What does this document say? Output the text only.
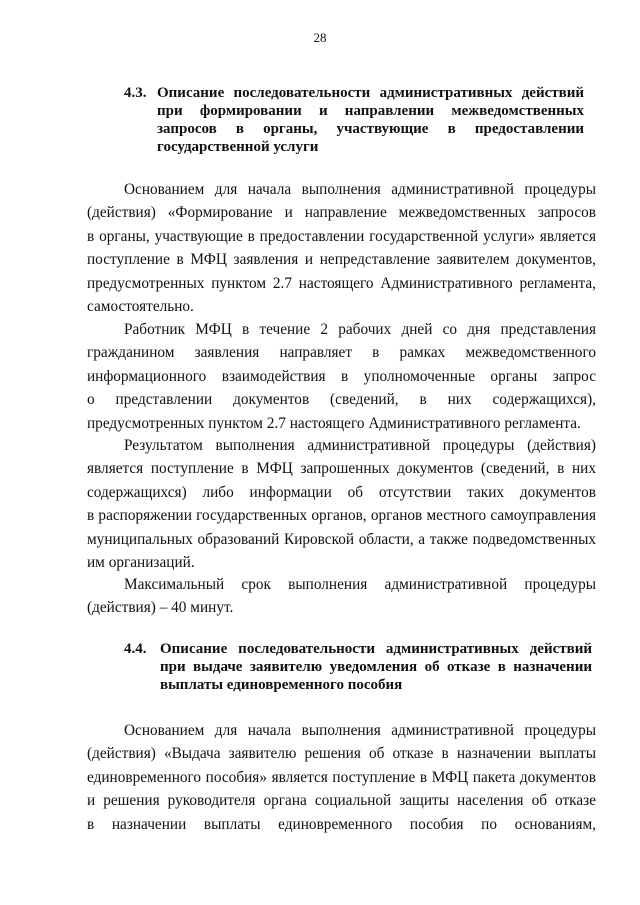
28
4.3. Описание последовательности административных действий
при формировании и направлении межведомственных
запросов в органы, участвующие в предоставлении
государственной услуги
Основанием для начала выполнения административной процедуры
(действия) «Формирование и направление межведомственных запросов
в органы, участвующие в предоставлении государственной услуги» является
поступление в МФЦ заявления и непредставление заявителем документов,
предусмотренных пунктом 2.7 настоящего Административного регламента,
самостоятельно.
Работник МФЦ в течение 2 рабочих дней со дня представления
гражданином заявления направляет в рамках межведомственного
информационного взаимодействия в уполномоченные органы запрос
о представлении документов (сведений, в них содержащихся),
предусмотренных пунктом 2.7 настоящего Административного регламента.
Результатом выполнения административной процедуры (действия)
является поступление в МФЦ запрошенных документов (сведений, в них
содержащихся) либо информации об отсутствии таких документов
в распоряжении государственных органов, органов местного самоуправления
муниципальных образований Кировской области, а также подведомственных
им организаций.
Максимальный срок выполнения административной процедуры
(действия) – 40 минут.
4.4. Описание последовательности административных действий
при выдаче заявителю уведомления об отказе в назначении
выплаты единовременного пособия
Основанием для начала выполнения административной процедуры
(действия) «Выдача заявителю решения об отказе в назначении выплаты
единовременного пособия» является поступление в МФЦ пакета документов
и решения руководителя органа социальной защиты населения об отказе
в назначении выплаты единовременного пособия по основаниям,
